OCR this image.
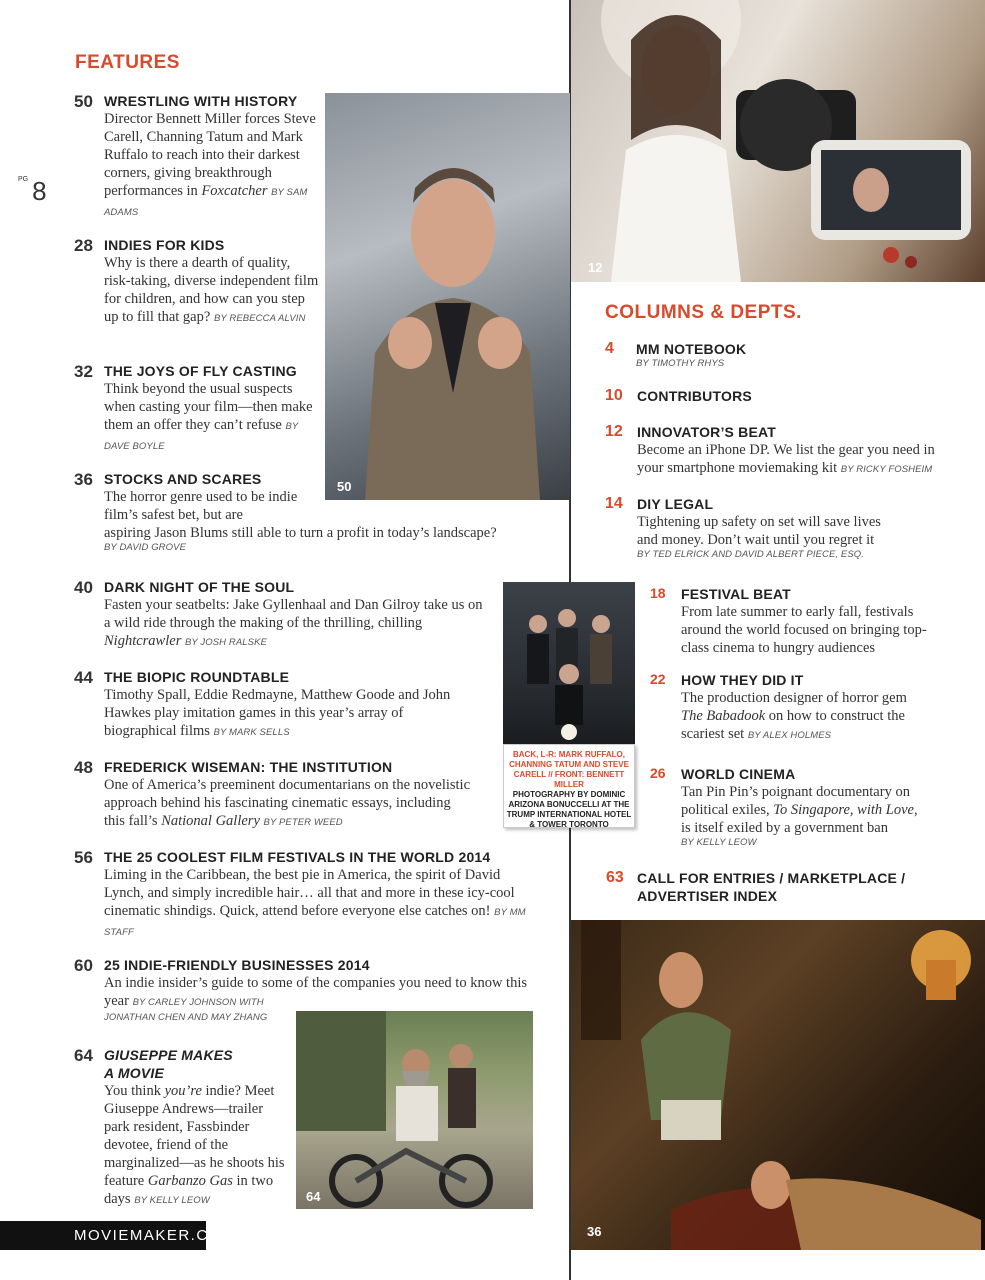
$^{PG}$ 8
FEATURES
50 WRESTLING WITH HISTORY
Director Bennett Miller forces Steve Carell, Channing Tatum and Mark Ruffalo to reach into their darkest corners, giving breakthrough performances in Foxcatcher BY SAM ADAMS
28 INDIES FOR KIDS
Why is there a dearth of quality, risk-taking, diverse independent film for children, and how can you step up to fill that gap? BY REBECCA ALVIN
32 THE JOYS OF FLY CASTING
Think beyond the usual suspects when casting your film—then make them an offer they can’t refuse BY DAVE BOYLE
36 STOCKS AND SCARES
The horror genre used to be indie film’s safest bet, but are
aspiring Jason Blums still able to turn a profit in today’s landscape?
BY DAVID GROVE
40 DARK NIGHT OF THE SOUL
Fasten your seatbelts: Jake Gyllenhaal and Dan Gilroy take us on a wild ride through the making of the thrilling, chilling Nightcrawler BY JOSH RALSKE
44 THE BIOPIC ROUNDTABLE
Timothy Spall, Eddie Redmayne, Matthew Goode and John Hawkes play imitation games in this year’s array of biographical films BY MARK SELLS
48 FREDERICK WISEMAN: THE INSTITUTION
One of America’s preeminent documentarians on the novelistic approach behind his fascinating cinematic essays, including this fall’s National Gallery BY PETER WEED
56 THE 25 COOLEST FILM FESTIVALS IN THE WORLD 2014
Liming in the Caribbean, the best pie in America, the spirit of David Lynch, and simply incredible hair… all that and more in these icy-cool cinematic shindigs. Quick, attend before everyone else catches on! BY MM STAFF
60 25 INDIE-FRIENDLY BUSINESSES 2014
An indie insider’s guide to some of the companies you need to know this year BY CARLEY JOHNSON WITH
JONATHAN CHEN AND MAY ZHANG
64 GIUSEPPE MAKES
A MOVIE
You think you’re indie? Meet Giuseppe Andrews—trailer park resident, Fassbinder devotee, friend of the marginalized—as he shoots his feature Garbanzo Gas in two days BY KELLY LEOW
50
BACK, L-R: MARK RUFFALO, CHANNING TATUM AND STEVE CARELL // FRONT: BENNETT MILLER
PHOTOGRAPHY BY DOMINIC ARIZONA BONUCCELLI AT THE TRUMP INTERNATIONAL HOTEL & TOWER TORONTO
64
12
36
COLUMNS & DEPTS.
4 MM NOTEBOOK
BY TIMOTHY RHYS
10 CONTRIBUTORS
12 INNOVATOR’S BEAT
Become an iPhone DP. We list the gear you need in your smartphone moviemaking kit BY RICKY FOSHEIM
14 DIY LEGAL
Tightening up safety on set will save lives and money. Don’t wait until you regret it
BY TED ELRICK AND DAVID ALBERT PIECE, ESQ.
18 FESTIVAL BEAT
From late summer to early fall, festivals around the world focused on bringing top-class cinema to hungry audiences
22 HOW THEY DID IT
The production designer of horror gem The Babadook on how to construct the scariest set BY ALEX HOLMES
26 WORLD CINEMA
Tan Pin Pin’s poignant documentary on political exiles, To Singapore, with Love, is itself exiled by a government ban
BY KELLY LEOW
63 CALL FOR ENTRIES / MARKETPLACE /
ADVERTISER INDEX
MOVIEMAKER.COM
